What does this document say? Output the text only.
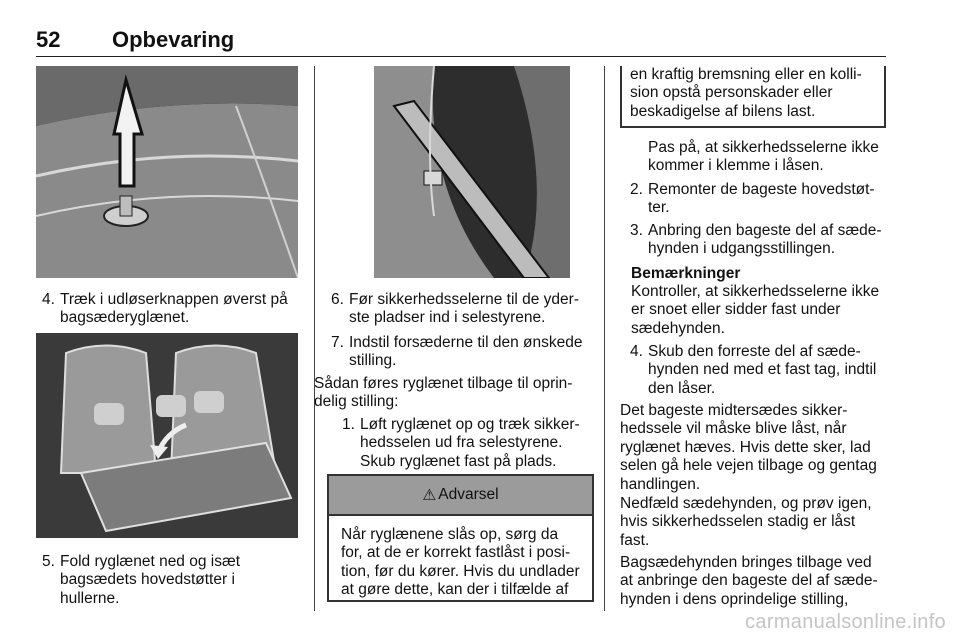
52 Opbevaring
4. Træk i udløserknappen øverst på
bagsæderyglænet.
5. Fold ryglænet ned og isæt
bagsædets hovedstøtter i
hullerne.
6. Før sikkerhedsselerne til de yder-
ste pladser ind i selestyrene.
7. Indstil forsæderne til den ønskede
stilling.
Sådan føres ryglænet tilbage til oprin-
delig stilling:
1. Løft ryglænet op og træk sikker-
hedsselen ud fra selestyrene.
Skub ryglænet fast på plads.
⚠ Advarsel
Når ryglænene slås op, sørg da
for, at de er korrekt fastlåst i posi-
tion, før du kører. Hvis du undlader
at gøre dette, kan der i tilfælde af
en kraftig bremsning eller en kolli-
sion opstå personskader eller
beskadigelse af bilens last.
Pas på, at sikkerhedsselerne ikke
kommer i klemme i låsen.
2. Remonter de bageste hovedstøt-
ter.
3. Anbring den bageste del af sæde-
hynden i udgangsstillingen.
Bemærkninger
Kontroller, at sikkerhedsselerne ikke
er snoet eller sidder fast under
sædehynden.
4. Skub den forreste del af sæde-
hynden ned med et fast tag, indtil
den låser.
Det bageste midtersædes sikker-
hedssele vil måske blive låst, når
ryglænet hæves. Hvis dette sker, lad
selen gå hele vejen tilbage og gentag
handlingen.
Nedfæld sædehynden, og prøv igen,
hvis sikkerhedsselen stadig er låst
fast.
Bagsædehynden bringes tilbage ved
at anbringe den bageste del af sæde-
hynden i dens oprindelige stilling,
carmanualsonline.info
